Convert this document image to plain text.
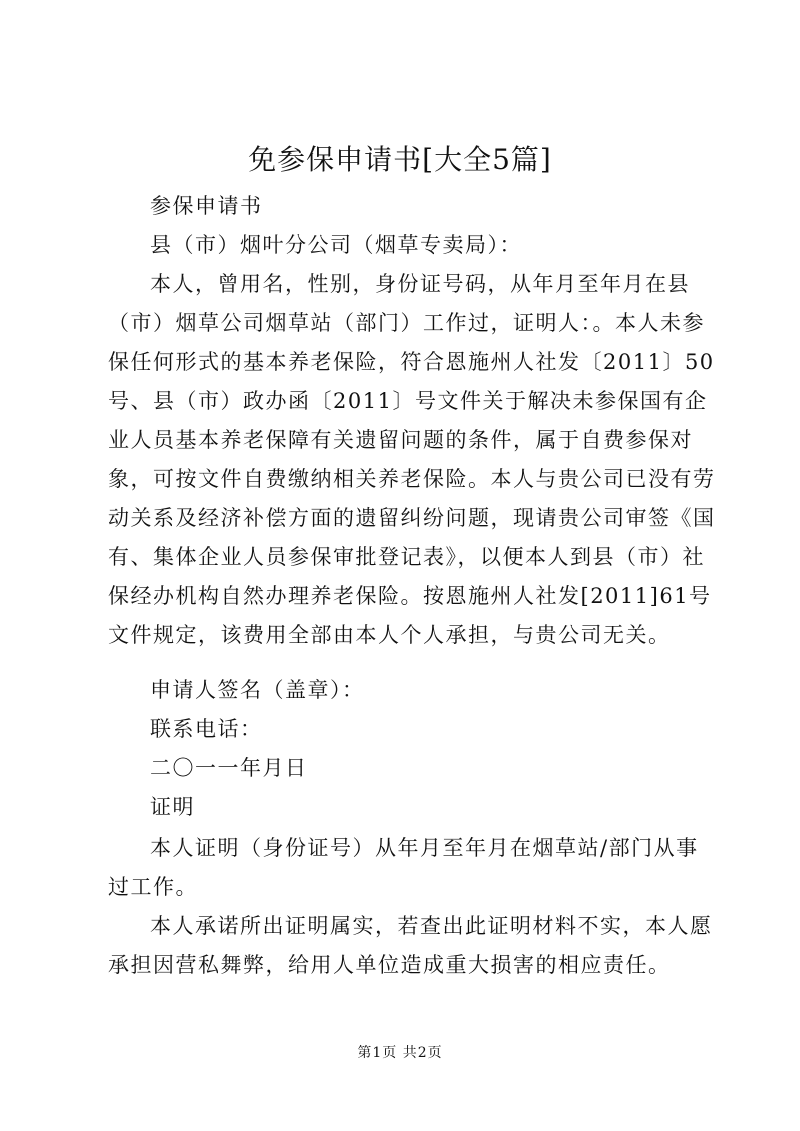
免参保申请书[大全5篇]

参保申请书

县（市）烟叶分公司（烟草专卖局）：

本人，曾用名，性别，身份证号码，从年月至年月在县（市）烟草公司烟草站（部门）工作过，证明人：。本人未参保任何形式的基本养老保险，符合恩施州人社发〔2011〕50号、县（市）政办函〔2011〕号文件关于解决未参保国有企业人员基本养老保障有关遗留问题的条件，属于自费参保对象，可按文件自费缴纳相关养老保险。本人与贵公司已没有劳动关系及经济补偿方面的遗留纠纷问题，现请贵公司审签《国有、集体企业人员参保审批登记表》，以便本人到县（市）社保经办机构自然办理养老保险。按恩施州人社发[2011]61号文件规定，该费用全部由本人个人承担，与贵公司无关。

申请人签名（盖章）：

联系电话：

二〇一一年月日

证明

本人证明（身份证号）从年月至年月在烟草站/部门从事过工作。

本人承诺所出证明属实，若查出此证明材料不实，本人愿承担因营私舞弊，给用人单位造成重大损害的相应责任。

第1页 共2页
